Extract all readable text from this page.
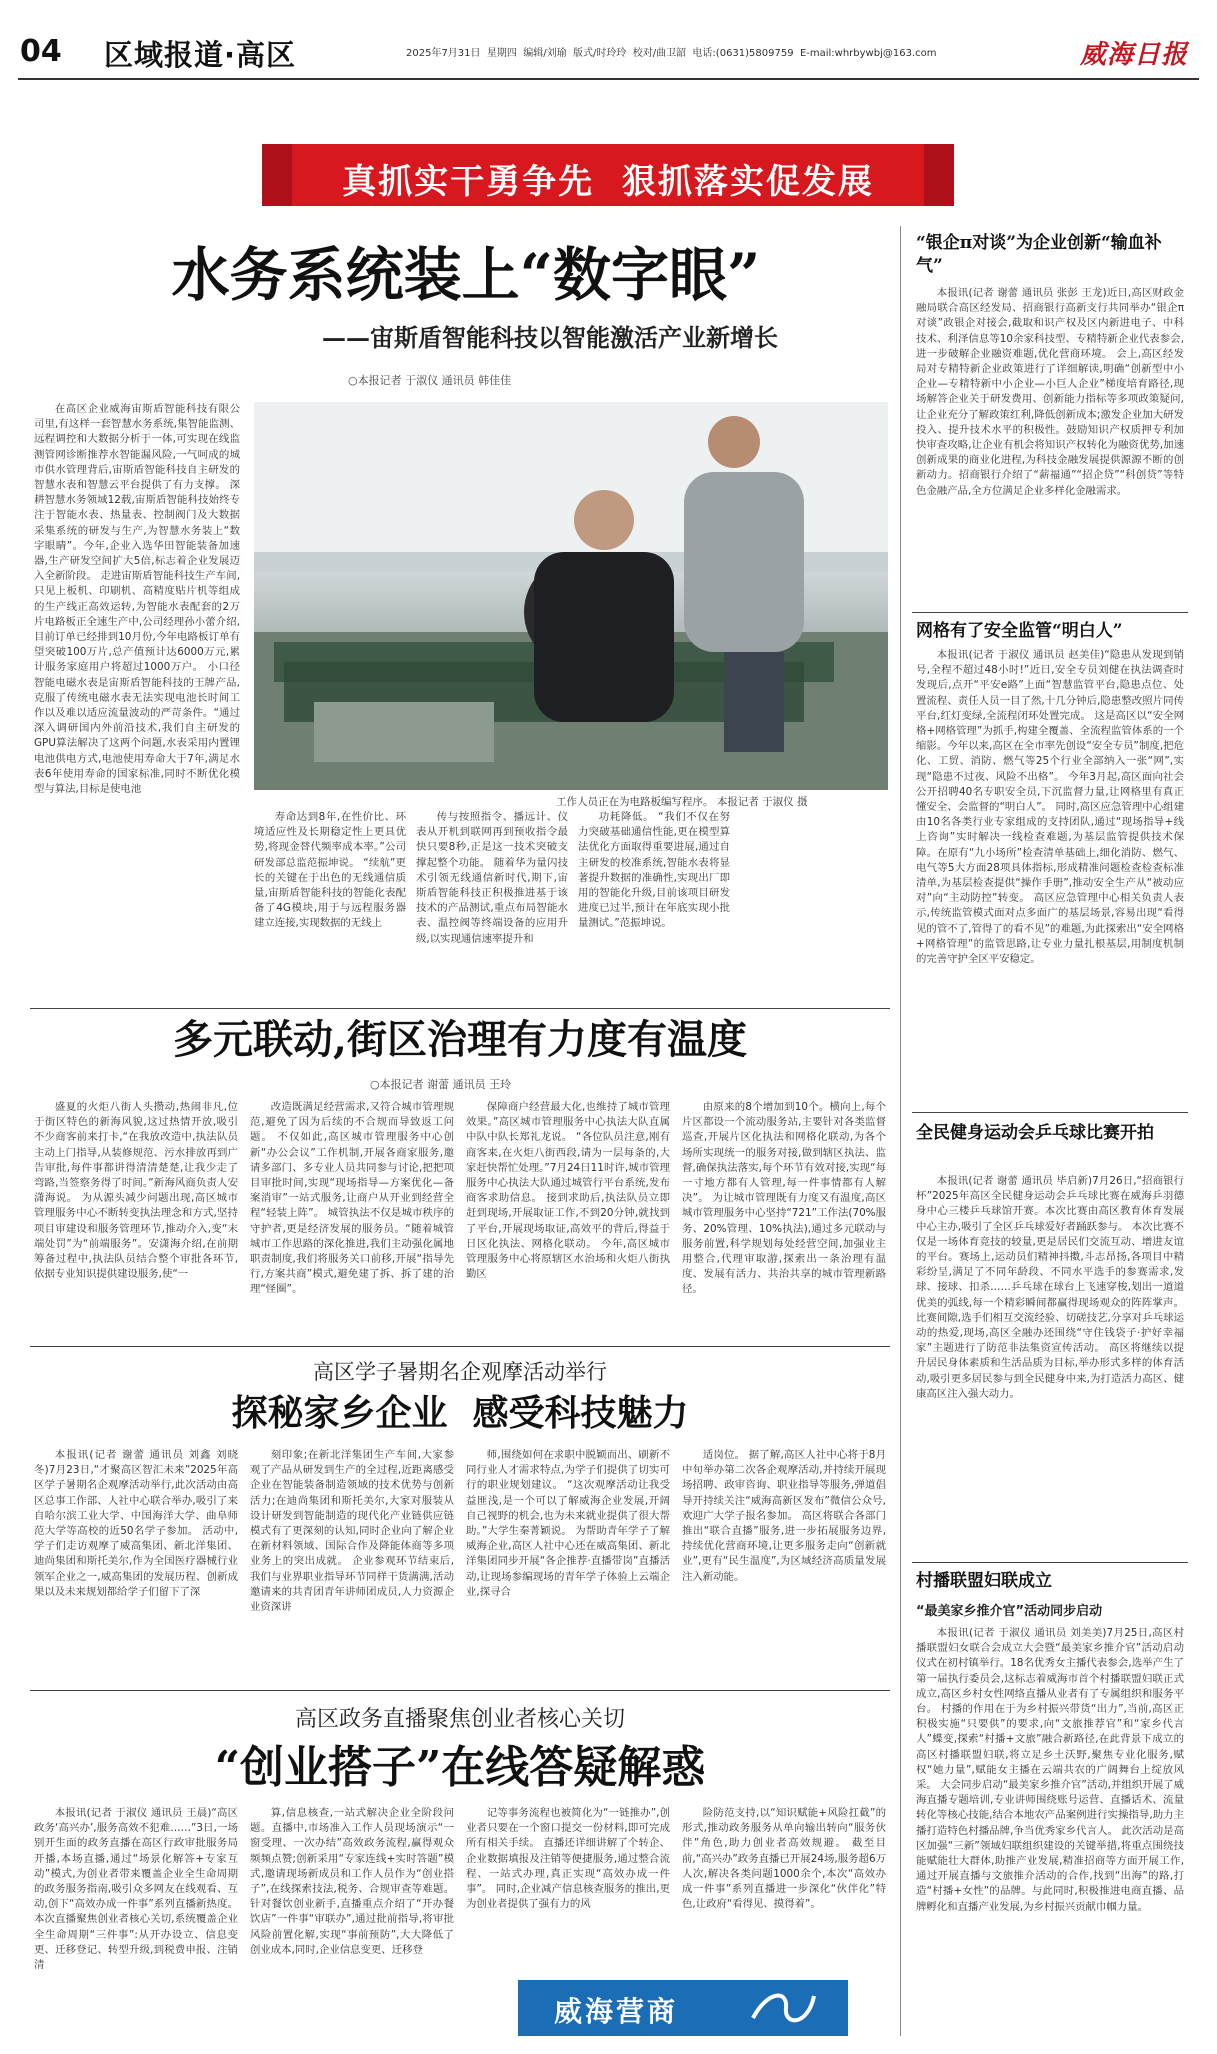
04 区域报道·高区	2025年7月31日  星期四  编辑/刘瑜  版式/时玲玲  校对/曲卫韶  电话:(0631)5809759  E-mail:whrbywbj@163.com	威海日报
真抓实干勇争先  狠抓落实促发展
水务系统装上“数字眼”
——宙斯盾智能科技以智能激活产业新增长
○本报记者 于淑仪 通讯员 韩佳佳

在高区企业威海宙斯盾智能科技有限公司里,有这样一套智慧水务系统,集智能监测、远程调控和大数据分析于一体,可实现在线监测管网诊断推荐水智能漏风险,一气呵成的城市供水管理背后,宙斯盾智能科技自主研发的智慧水表和智慧云平台提供了有力支撑。 深耕智慧水务领域12载,宙斯盾智能科技始终专注于智能水表、热量表、控制阀门及大数据采集系统的研发与生产,为智慧水务装上“数字眼睛”。今年,企业入选华田智能装备加速器,生产研发空间扩大5倍,标志着企业发展迈入全新阶段。 走进宙斯盾智能科技生产车间,只见上板机、印刷机、高精度贴片机等组成的生产线正高效运转,为智能水表配套的2万片电路板正全速生产中,公司经理孙小蕾介绍,目前订单已经排到10月份,今年电路板订单有望突破100万片,总产值预计达6000万元,累计服务家庭用户将超过1000万户。 小口径智能电磁水表是宙斯盾智能科技的王牌产品,克服了传统电磁水表无法实现电池长时间工作以及难以适应流量波动的严苛条件。“通过深入调研国内外前沿技术,我们自主研发的GPU算法解决了这两个问题,水表采用内置锂电池供电方式,电池使用寿命大于7年,满足水表6年使用寿命的国家标准,同时不断优化模型与算法,目标是使电池

工作人员正在为电路板编写程序。 本报记者 于淑仪 摄

寿命达到8年,在性价比、环境适应性及长期稳定性上更具优势,将现金替代频率成本率。”公司研发部总监范振坤说。 “续航”更长的关键在于出色的无线通信质量,宙斯盾智能科技的智能化表配备了4G模块,用于与远程服务器建立连接,实现数据的无线上

传与按照指令、播远计、仪表从开机到联网再到预收指令最快只要8秒,正是这一技术突破支撑起整个功能。 随着华为量闪技术引领无线通信新时代,期下,宙斯盾智能科技正积极推进基于该技术的产品测试,重点布局智能水表、温控阀等终端设备的应用升级,以实现通信速率提升和

功耗降低。 “我们不仅在努力突破基础通信性能,更在模型算法优化方面取得重要进展,通过自主研发的校准系统,智能水表将显著提升数据的准确性,实现出厂即用的智能化升级,目前该项目研发进度已过半,预计在年底实现小批量测试。”范振坤说。

多元联动,街区治理有力度有温度
○本报记者 谢蕾 通讯员 王玲

盛夏的火炬八街人头攒动,热闹非凡,位于街区特色的新海风貌,这过热情开放,吸引不少商客前来打卡,“在我放改造中,执法队员主动上门指导,从装修规范、污水排放再到广告审批,每件事都讲得清清楚楚,让我少走了弯路,当签察务得了时间。”新海风商负责人安潇海说。 为从源头减少问题出现,高区城市管理服务中心不断转变执法理念和方式,坚持项目审建设和服务管理环节,推动介入,变“末端处罚”为“前端服务”。安潇海介绍,在前期筹备过程中,执法队员结合整个审批各环节,依据专业知识提供建设服务,使“一

改造既满足经营需求,又符合城市管理规范,避免了因为后续的不合规而导致返工问题。 不仅如此,高区城市管理服务中心创新“办公会议”工作机制,开展各商家服务,邀请多部门、多专业人员共同参与讨论,把把项目审批时间,实现“现场指导—方案优化—备案消审”一站式服务,让商户从开业到经营全程“轻装上阵”。 城管执法不仅是城市秩序的守护者,更是经济发展的服务员。“随着城管城市工作思路的深化推进,我们主动强化属地职责制度,我们将服务关口前移,开展“指导先行,方案共商”模式,避免建了拆、拆了建的治理“怪圈”。

保障商户经营最大化,也维持了城市管理效果。”高区城市管理服务中心执法大队直属中队中队长郑礼龙说。 “各位队员注意,刚有商客来,在火炬八街西段,请为一层每条的,大家赶快帮忙处理。”7月24日11时许,城市管理服务中心执法大队通过城管行平台系统,发布商客求助信息。 接到求助后,执法队员立即赶到现场,开展取证工作,不到20分钟,就找到了平台,开展现场取证,高效平的背后,得益于日区化执法、网格化联动。 今年,高区城市管理服务中心将原辖区水治场和火炬八街执勤区

由原来的8个增加到10个。横向上,每个片区都设一个流动服务站,主要针对各类监督巡查,开展片区化执法和网格化联动,为各个场所实现统一的服务对接,做到辖区执法、监督,确保执法落实,每个环节有效对接,实现“每一寸地方都有人管理,每一件事情都有人解决”。 为让城市管理既有力度又有温度,高区城市管理服务中心坚持“721”工作法(70%服务、20%管理、10%执法),通过多元联动与服务前置,科学规划每处经营空间,加强业主用整合,代理审取游,探索出一条治理有温度、发展有活力、共治共享的城市管理新路径。

高区学子暑期名企观摩活动举行
探秘家乡企业  感受科技魅力

本报讯(记者 谢蕾 通讯员 刘鑫 刘晓冬)7月23日,“才聚高区智汇未来”2025年高区学子暑期名企观摩活动举行,此次活动由高区总事工作部、人社中心联合举办,吸引了来自哈尔滨工业大学、中国海洋大学、曲阜师范大学等高校的近50名学子参加。 活动中,学子们走访观摩了威高集团、新北洋集团、迪尚集团和斯托美尔,作为全国医疗器械行业领军企业之一,威高集团的发展历程、创新成果以及未来规划都给学子们留下了深

刻印象;在新北洋集团生产车间,大家参观了产品从研发到生产的全过程,近距离感受企业在智能装备制造领域的技术优势与创新活力;在迪尚集团和斯托美尔,大家对服装从设计研发到智能制造的现代化产业链供应链模式有了更深刻的认知,同时企业向了解企业在新材料领域、国际合作及降能体商等多项业务上的突出成就。 企业参观环节结束后,我们与业界职业指导环节同样干货满满,活动邀请来的共青团青年讲师团成员,人力资源企业资深讲

师,围绕如何在求职中脱颖而出、刷新不同行业人才需求特点,为学子们提供了切实可行的职业规划建议。 “这次观摩活动让我受益匪浅,是一个可以了解威海企业发展,开阔自己视野的机会,也为未来就业提供了很大帮助。”大学生秦菁颖说。 为帮助青年学子了解威海企业,高区人社中心还在威高集团、新北洋集团同步开展“各企推荐·直播带岗”直播活动,让现场参编现场的青年学子体验上云端企业,探寻合

适岗位。 据了解,高区人社中心将于8月中旬举办第二次各企观摩活动,并持续开展现场招聘、政审咨询、职业指导等服务,弹道倡导开持续关注“威海高新区发布”微信公众号,欢迎广大学子报名参加。 高区将联合各部门推出“联合直播”服务,进一步拓展服务边界,持续优化营商环境,让更多服务走向“创新就业”,更有“民生温度”,为区域经济高质量发展注入新动能。

高区政务直播聚焦创业者核心关切
“创业搭子”在线答疑解惑

本报讯(记者 于淑仪 通讯员 王晨)“高区政务‘高兴办’,服务高效不犯难……”3日,一场别开生面的政务直播在高区行政审批服务局开播,本场直播,通过“场景化解答+专家互动”模式,为创业者带来覆盖企业全生命周期的政务服务指南,吸引众多网友在线观看、互动,创下“高效办成一件事”系列直播新热度。 本次直播聚焦创业者核心关切,系统覆盖企业全生命周期“三件事”:从开办设立、信息变更、迁移登记、转型升级,到税费申报、注销清

算,信息核查,一站式解决企业全阶段问题。直播中,市场准入工作人员现场演示“一窗受理、一次办结”高效政务流程,赢得观众频频点赞;创新采用“专家连线+实时答题”模式,邀请现场新成员和工作人员作为“创业搭子”,在线探索技法,税务、合规审查等难题。 针对餐饮创业新手,直播重点介绍了“开办餐饮店”一件事“审联办”,通过批前指导,将审批风险前置化解,实现“事前预防”,大大降低了创业成本,同时,企业信息变更、迁移登

记等事务流程也被简化为“一链推办”,创业者只要在一个窗口提交一份材料,即可完成所有相关手续。 直播还详细讲解了个转企、企业数据填报及注销等便捷服务,通过整合流程、一站式办理,真正实现“高效办成一件事”。 同时,企业减产信息核查服务的推出,更为创业者提供了强有力的风

险防范支持,以“知识赋能+风险扛截”的形式,推动政务服务从单向输出转向“服务伙伴”角色,助力创业者高效规避。 截至目前,“高兴办”政务直播已开展24场,服务超6万人次,解决各类问题1000余个,本次“高效办成一件事”系列直播进一步深化“伙伴化”特色,让政府“看得见、摸得着”。

威海营商
“银企π对谈”为企业创新“输血补气”

本报讯(记者 谢蕾 通讯员 张彭 王龙)近日,高区财政金融局联合高区经发局、招商银行高新支行共同举办“银企π对谈”政银企对接会,截取和识产权及区内新进电子、中科技术、利泽信息等10余家科技型、专精特新企业代表参会,进一步破解企业融资难题,优化营商环境。 会上,高区经发局对专精特新企业政策进行了详细解读,明确“创新型中小企业—专精特新中小企业—小巨人企业”梯度培育路径,现场解答企业关于研发费用、创新能力指标等多项政策疑问,让企业充分了解政策红利,降低创新成本;激发企业加大研发投入、提升技术水平的积极性。鼓励知识产权质押专利加快审查攻略,让企业有机会将知识产权转化为融资优势,加速创新成果的商业化进程,为科技金融发展提供源源不断的创新动力。招商银行介绍了“薪福通”“招企贷”“科创贷”等特色金融产品,全方位满足企业多样化金融需求。

网格有了安全监管“明白人”

本报讯(记者 于淑仪 通讯员 赵美佳)“隐患从发现到销号,全程不超过48小时!”近日,安全专员刘健在执法调查时发现后,点开“平安e路”上面“智慧监管平台,隐患点位、处置流程、责任人员一目了然,十几分钟后,隐患整改照片同传平台,红灯变绿,全流程闭环处置完成。 这是高区以“安全网格+网格管理”为抓手,构建全覆盖、全流程监管体系的一个缩影。今年以来,高区在全市率先创设“安全专员”制度,把危化、工贸、消防、燃气等25个行业全部纳入一张“网”,实现“隐患不过夜、风险不出格”。 今年3月起,高区面向社会公开招聘40名专职安全员,下沉监督力量,让网格里有真正懂安全、会监督的“明白人”。 同时,高区应急管理中心组建由10名各类行业专家组成的支持团队,通过“现场指导+线上咨询”实时解决一线检查难题,为基层监管提供技术保障。在原有“九小场所”检查清单基础上,细化消防、燃气、电气等5大方面28项具体指标,形成精准问题检查检查标准清单,为基层检查提供“操作手册”,推动安全生产从“被动应对”向“主动防控”转变。 高区应急管理中心相关负责人表示,传统监管模式面对点多面广的基层场景,容易出现“看得见的管不了,管得了的看不见”的难题,为此探索出“安全网格+网格管理”的监管思路,让专业力量扎根基层,用制度机制的完善守护全区平安稳定。

全民健身运动会乒乓球比赛开拍

本报讯(记者 谢蕾 通讯员 毕启新)7月26日,“招商银行杯”2025年高区全民健身运动会乒乓球比赛在威海乒羽德身中心三楼乒乓球馆开赛。本次比赛由高区教育体育发展中心主办,吸引了全区乒乓球爱好者踊跃参与。 本次比赛不仅是一场体育竞技的较量,更是居民们交流互动、增进友谊的平台。赛场上,运动员们精神抖擞,斗志昂扬,各项目中精彩纷呈,满足了不同年龄段、不同水平选手的参赛需求,发球、接球、扣杀……乒乓球在球台上飞速穿梭,划出一道道优美的弧线,每一个精彩瞬间都赢得现场观众的阵阵掌声。 比赛间隙,选手们相互交流经验、切磋技艺,分享对乒乓球运动的热爱,现场,高区全融办还围绕“守住钱袋子·护好幸福家”主题进行了防范非法集资宣传活动。 高区将继续以提升居民身体素质和生活品质为目标,举办形式多样的体育活动,吸引更多居民参与到全民健身中来,为打造活力高区、健康高区注入强大动力。

村播联盟妇联成立
“最美家乡推介官”活动同步启动

本报讯(记者 于淑仪 通讯员 刘美美)7月25日,高区村播联盟妇女联合会成立大会暨“最美家乡推介官”活动启动仪式在初村镇举行。18名优秀女主播代表参会,选举产生了第一届执行委员会,这标志着威海市首个村播联盟妇联正式成立,高区乡村女性网络直播从业者有了专属组织和服务平台。 村播的作用在于为乡村振兴带货“出力”,当前,高区正积极实施“只要供”的要求,向“文旅推荐官”和“家乡代言人”蝶变,探索“村播+文旅”融合新路径,在此背景下成立的高区村播联盟妇联,将立足乡土沃野,聚焦专业化服务,赋权“她力量”,赋能女主播在云端共农的广阔舞台上绽放风采。 大会同步启动“最美家乡推介官”活动,并组织开展了威海直播专题培训,专业讲师围绕账号运营、直播话术、流量转化等核心技能,结合本地农产品案例进行实操指导,助力主播打造特色村播品牌,争当优秀家乡代言人。 此次活动是高区加强“三新”领域妇联组织建设的关键举措,将重点围绕技能赋能壮大群体,助推产业发展,精准招商等方面开展工作,通过开展直播与文旅推介活动的合作,找到“出海”的路,打造“村播+女性”的品牌。与此同时,积极推进电商直播、品牌孵化和直播产业发展,为乡村振兴贡献巾帼力量。
